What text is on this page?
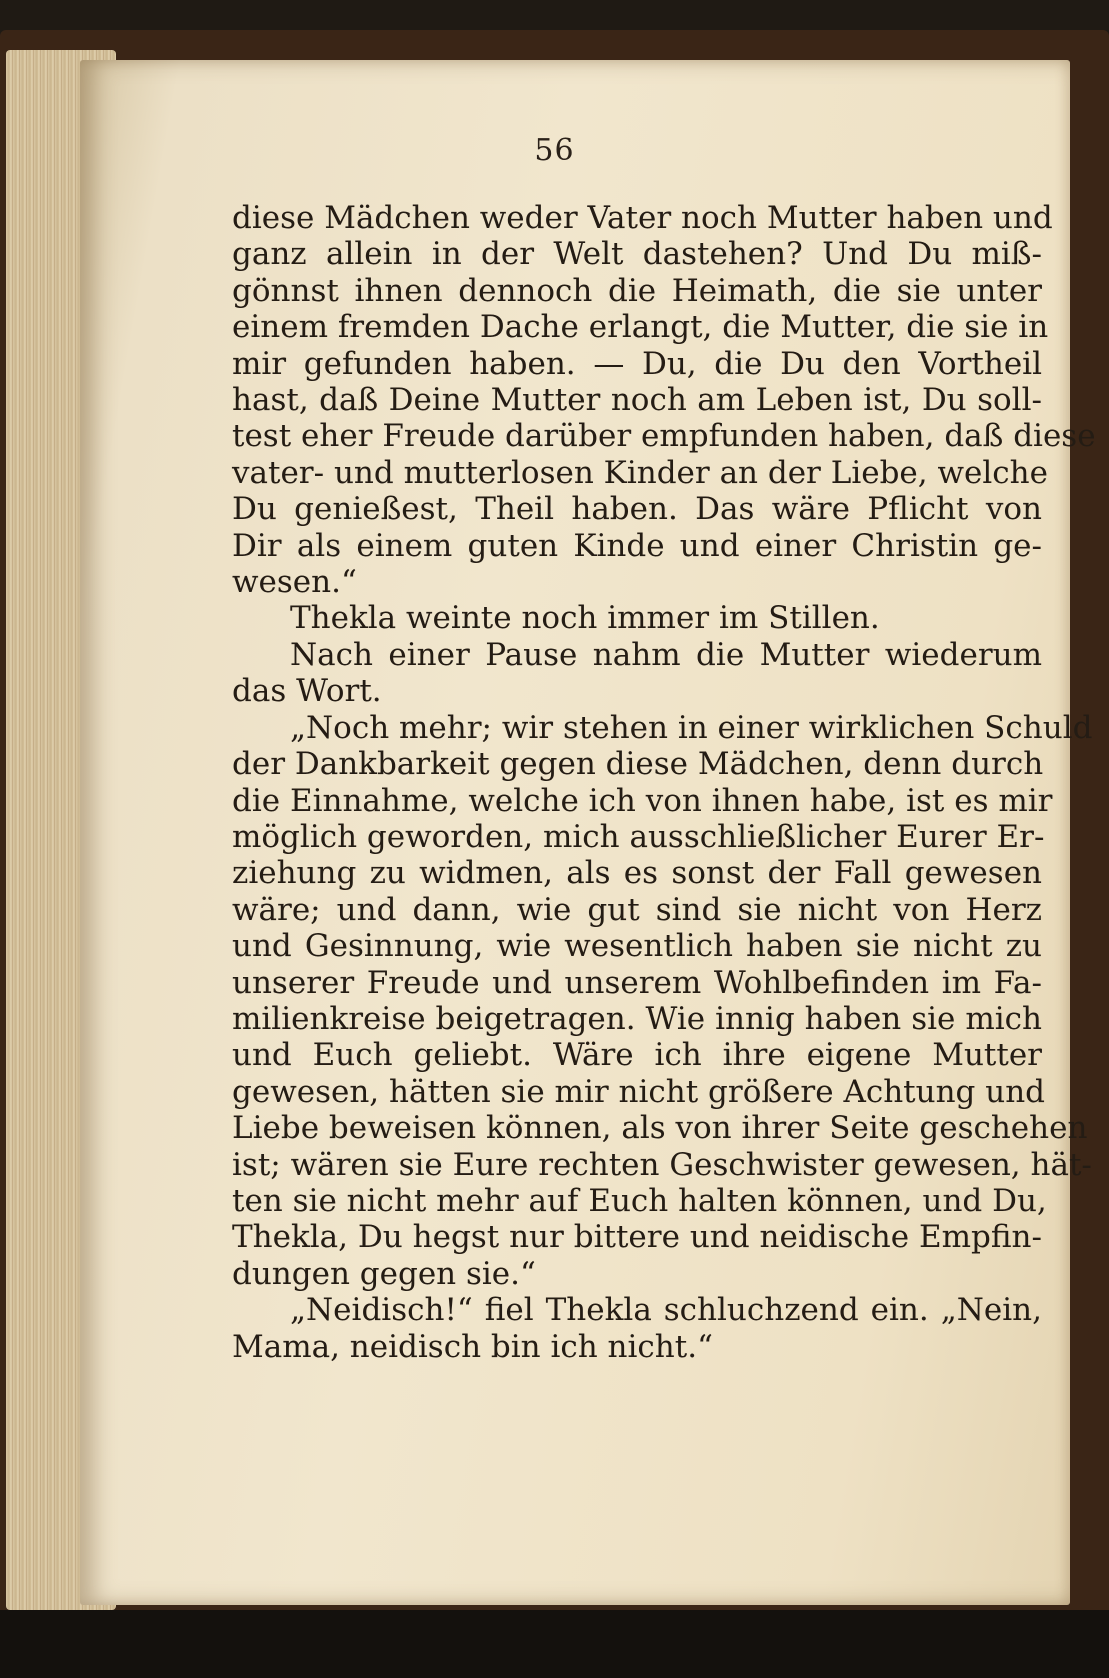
56
diese Mädchen weder Vater noch Mutter haben und
ganz allein in der Welt dastehen? Und Du miß-
gönnst ihnen dennoch die Heimath, die sie unter
einem fremden Dache erlangt, die Mutter, die sie in
mir gefunden haben. — Du, die Du den Vortheil
hast, daß Deine Mutter noch am Leben ist, Du soll-
test eher Freude darüber empfunden haben, daß diese
vater- und mutterlosen Kinder an der Liebe, welche
Du genießest, Theil haben. Das wäre Pflicht von
Dir als einem guten Kinde und einer Christin ge-
wesen.“
Thekla weinte noch immer im Stillen.
Nach einer Pause nahm die Mutter wiederum
das Wort.
„Noch mehr; wir stehen in einer wirklichen Schuld
der Dankbarkeit gegen diese Mädchen, denn durch
die Einnahme, welche ich von ihnen habe, ist es mir
möglich geworden, mich ausschließlicher Eurer Er-
ziehung zu widmen, als es sonst der Fall gewesen
wäre; und dann, wie gut sind sie nicht von Herz
und Gesinnung, wie wesentlich haben sie nicht zu
unserer Freude und unserem Wohlbefinden im Fa-
milienkreise beigetragen. Wie innig haben sie mich
und Euch geliebt. Wäre ich ihre eigene Mutter
gewesen, hätten sie mir nicht größere Achtung und
Liebe beweisen können, als von ihrer Seite geschehen
ist; wären sie Eure rechten Geschwister gewesen, hät-
ten sie nicht mehr auf Euch halten können, und Du,
Thekla, Du hegst nur bittere und neidische Empfin-
dungen gegen sie.“
„Neidisch!“ fiel Thekla schluchzend ein. „Nein,
Mama, neidisch bin ich nicht.“
